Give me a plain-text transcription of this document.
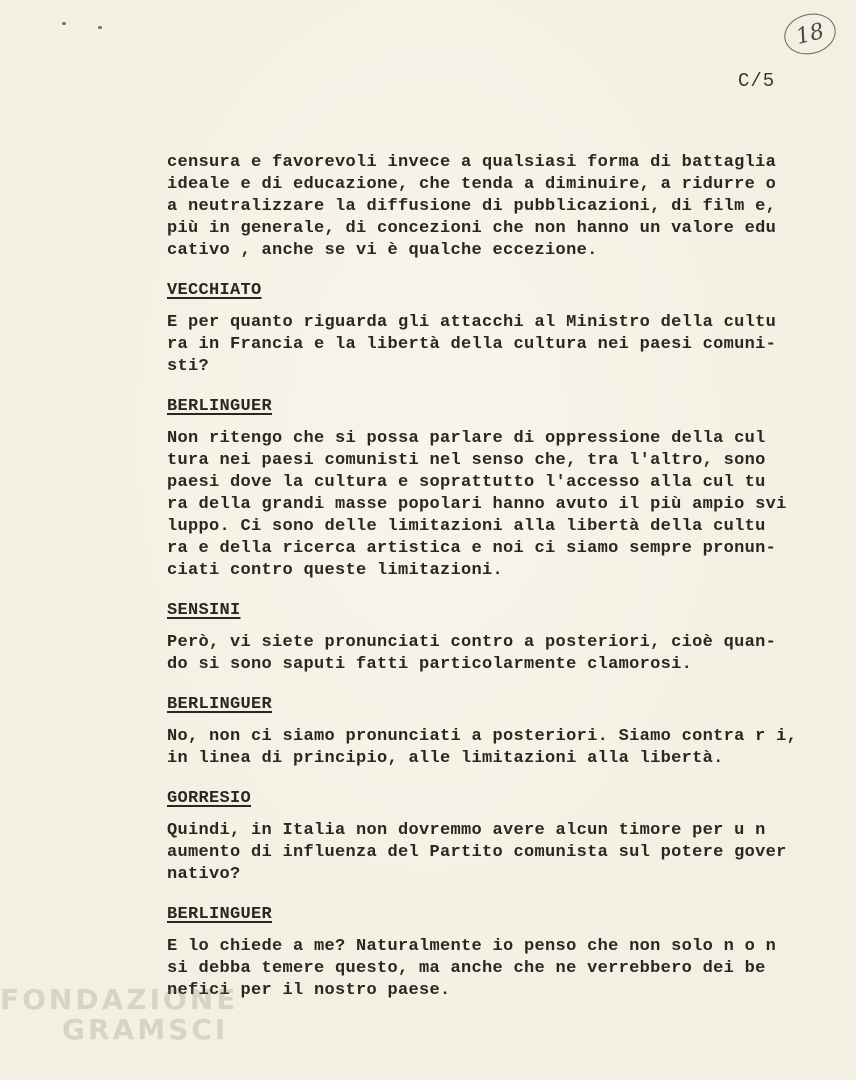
18
C/5

censura e favorevoli invece a qualsiasi forma di battaglia
ideale e di educazione, che tenda a diminuire, a ridurre o
a neutralizzare la diffusione di pubblicazioni, di film e,
più in generale, di concezioni che non hanno un valore edu
cativo , anche se vi è qualche eccezione.

VECCHIATO

E per quanto riguarda gli attacchi al Ministro della cultu
ra in Francia e la libertà della cultura nei paesi comuni-
sti?

BERLINGUER

Non ritengo che si possa parlare di oppressione della cul
tura nei paesi comunisti nel senso che, tra l'altro, sono
paesi dove la cultura e soprattutto l'accesso alla cul tu
ra della grandi masse popolari hanno avuto il più ampio svi
luppo. Ci sono delle limitazioni alla libertà della cultu
ra e della ricerca artistica e noi ci siamo sempre pronun-
ciati contro queste limitazioni.

SENSINI

Però, vi siete pronunciati contro a posteriori, cioè quan-
do si sono saputi fatti particolarmente clamorosi.

BERLINGUER

No, non ci siamo pronunciati a posteriori. Siamo contra r i,
in linea di principio, alle limitazioni alla libertà.

GORRESIO

Quindi, in Italia non dovremmo avere alcun timore per u n
aumento di influenza del Partito comunista sul potere gover
nativo?

BERLINGUER

E lo chiede a me? Naturalmente io penso che non solo n o n
si debba temere questo, ma anche che ne verrebbero dei be
nefici per il nostro paese.

FONDAZIONE
GRAMSCI
